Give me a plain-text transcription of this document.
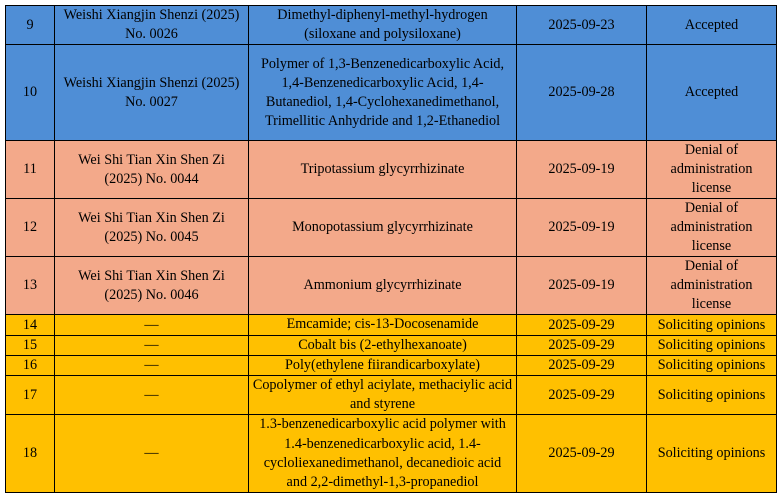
9	Weishi Xiangjin Shenzi (2025) No. 0026	Dimethyl-diphenyl-methyl-hydrogen (siloxane and polysiloxane)	2025-09-23	Accepted
10	Weishi Xiangjin Shenzi (2025) No. 0027	Polymer of 1,3-Benzenedicarboxylic Acid, 1,4-Benzenedicarboxylic Acid, 1,4-Butanediol, 1,4-Cyclohexanedimethanol, Trimellitic Anhydride and 1,2-Ethanediol	2025-09-28	Accepted
11	Wei Shi Tian Xin Shen Zi (2025) No. 0044	Tripotassium glycyrrhizinate	2025-09-19	Denial of administration license
12	Wei Shi Tian Xin Shen Zi (2025) No. 0045	Monopotassium glycyrrhizinate	2025-09-19	Denial of administration license
13	Wei Shi Tian Xin Shen Zi (2025) No. 0046	Ammonium glycyrrhizinate	2025-09-19	Denial of administration license
14	—	Emcamide; cis-13-Docosenamide	2025-09-29	Soliciting opinions
15	—	Cobalt bis (2-ethylhexanoate)	2025-09-29	Soliciting opinions
16	—	Poly(ethylene fiirandicarboxylate)	2025-09-29	Soliciting opinions
17	—	Copolymer of ethyl aciylate, methaciylic acid and styrene	2025-09-29	Soliciting opinions
18	—	1.3-benzenedicarboxylic acid polymer with 1.4-benzenedicarboxylic acid, 1.4-cycloliexanedimethanol, decanedioic acid and 2,2-dimethyl-1,3-propanediol	2025-09-29	Soliciting opinions
